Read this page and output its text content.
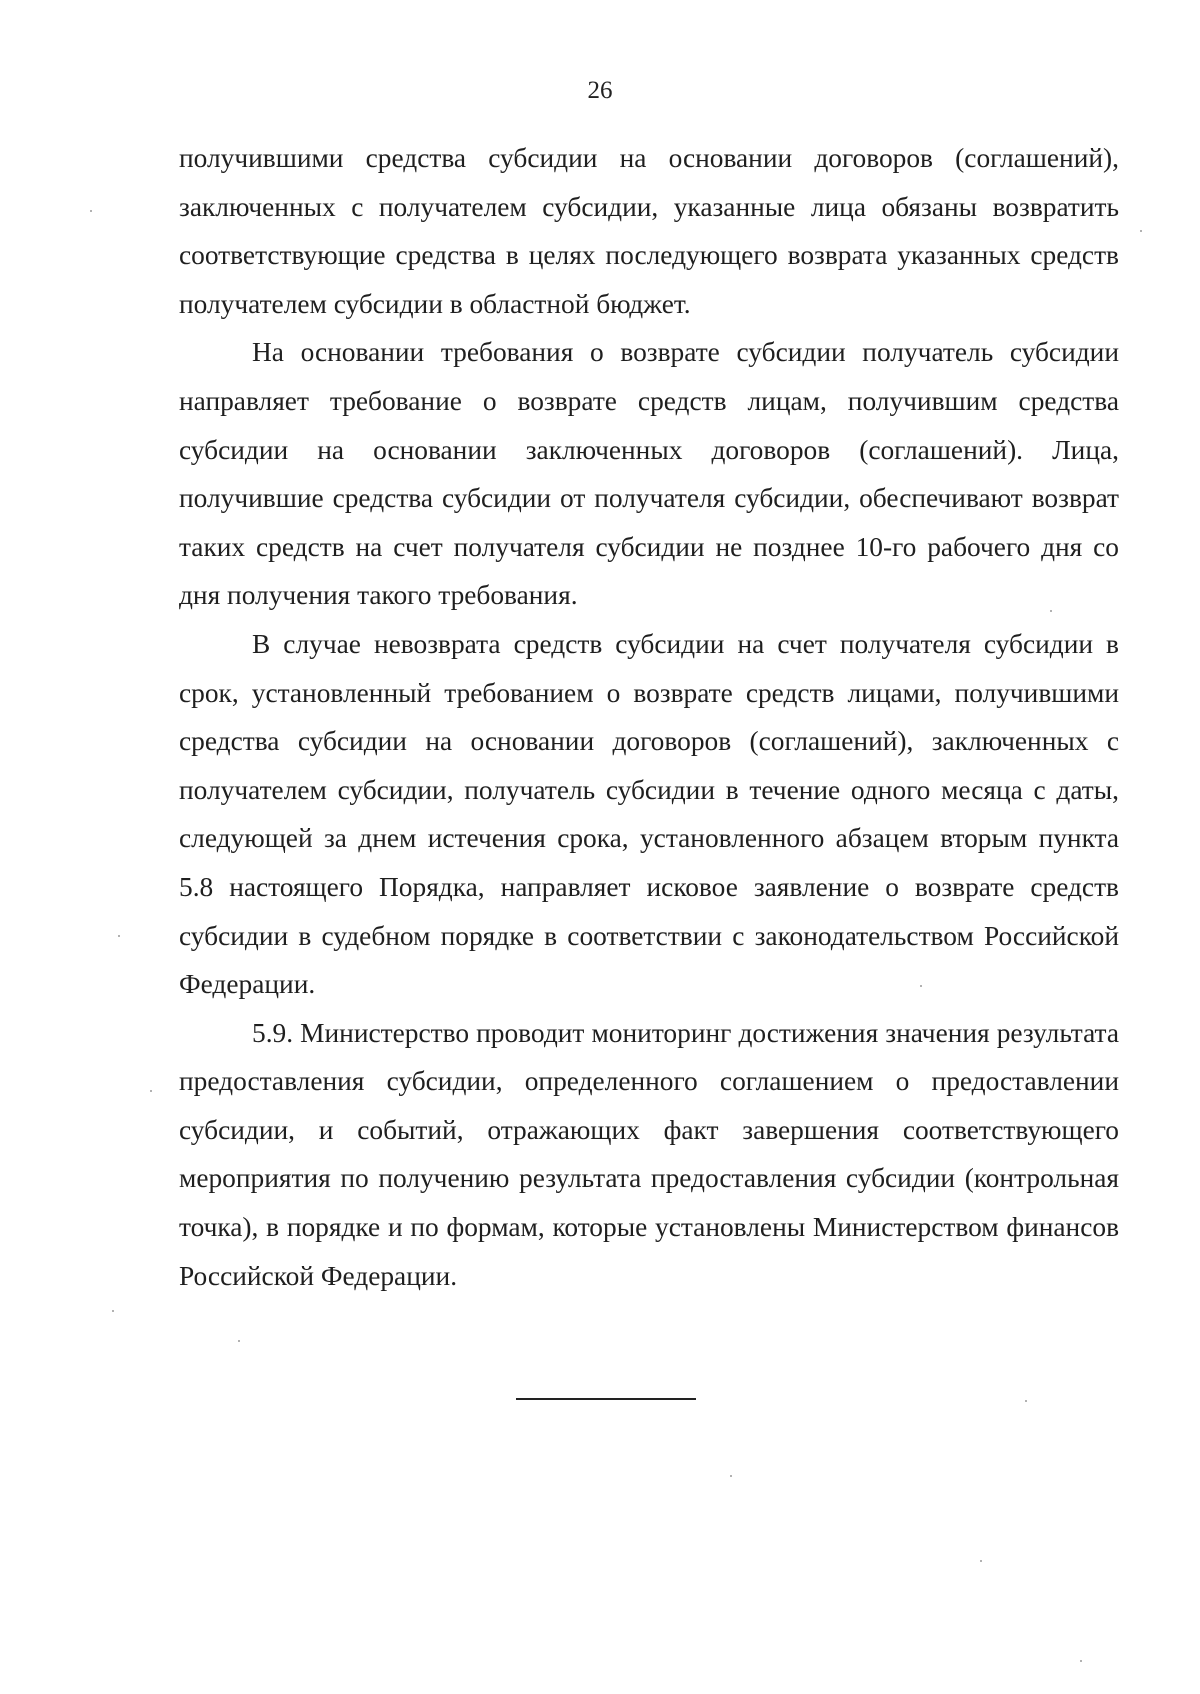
26

получившими средства субсидии на основании договоров (соглашений), заключенных с получателем субсидии, указанные лица обязаны возвратить соответствующие средства в целях последующего возврата указанных средств получателем субсидии в областной бюджет.

На основании требования о возврате субсидии получатель субсидии направляет требование о возврате средств лицам, получившим средства субсидии на основании заключенных договоров (соглашений). Лица, получившие средства субсидии от получателя субсидии, обеспечивают возврат таких средств на счет получателя субсидии не позднее 10-го рабочего дня со дня получения такого требования.

В случае невозврата средств субсидии на счет получателя субсидии в срок, установленный требованием о возврате средств лицами, получившими средства субсидии на основании договоров (соглашений), заключенных с получателем субсидии, получатель субсидии в течение одного месяца с даты, следующей за днем истечения срока, установленного абзацем вторым пункта 5.8 настоящего Порядка, направляет исковое заявление о возврате средств субсидии в судебном порядке в соответствии с законодательством Российской Федерации.

5.9. Министерство проводит мониторинг достижения значения результата предоставления субсидии, определенного соглашением о предоставлении субсидии, и событий, отражающих факт завершения соответствующего мероприятия по получению результата предоставления субсидии (контрольная точка), в порядке и по формам, которые установлены Министерством финансов Российской Федерации.
